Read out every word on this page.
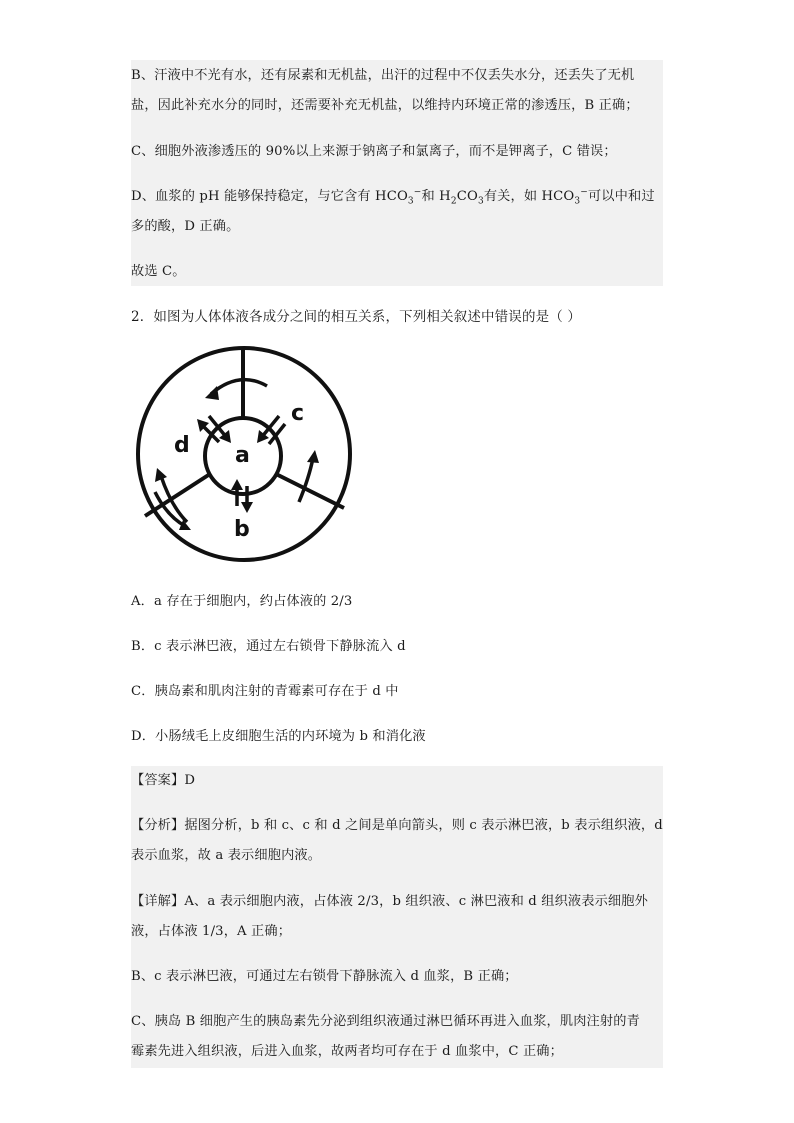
B、汗液中不光有水，还有尿素和无机盐，出汗的过程中不仅丢失水分，还丢失了无机
盐，因此补充水分的同时，还需要补充无机盐，以维持内环境正常的渗透压，B 正确；
C、细胞外液渗透压的 90%以上来源于钠离子和氯离子，而不是钾离子，C 错误；
D、血浆的 pH 能够保持稳定，与它含有 $HCO_3^-$和 $H_2CO_3$有关，如 $HCO_3^-$可以中和过
多的酸，D 正确。
故选 C。
2．如图为人体体液各成分之间的相互关系，下列相关叙述中错误的是（ ）
a
b
c
d
A．a 存在于细胞内，约占体液的 2/3
B．c 表示淋巴液，通过左右锁骨下静脉流入 d
C．胰岛素和肌肉注射的青霉素可存在于 d 中
D．小肠绒毛上皮细胞生活的内环境为 b 和消化液
【答案】D
【分析】据图分析，b 和 c、c 和 d 之间是单向箭头，则 c 表示淋巴液，b 表示组织液，d
表示血浆，故 a 表示细胞内液。
【详解】A、a 表示细胞内液，占体液 2/3，b 组织液、c 淋巴液和 d 组织液表示细胞外
液，占体液 1/3，A 正确；
B、c 表示淋巴液，可通过左右锁骨下静脉流入 d 血浆，B 正确；
C、胰岛 B 细胞产生的胰岛素先分泌到组织液通过淋巴循环再进入血浆，肌肉注射的青
霉素先进入组织液，后进入血浆，故两者均可存在于 d 血浆中，C 正确；
